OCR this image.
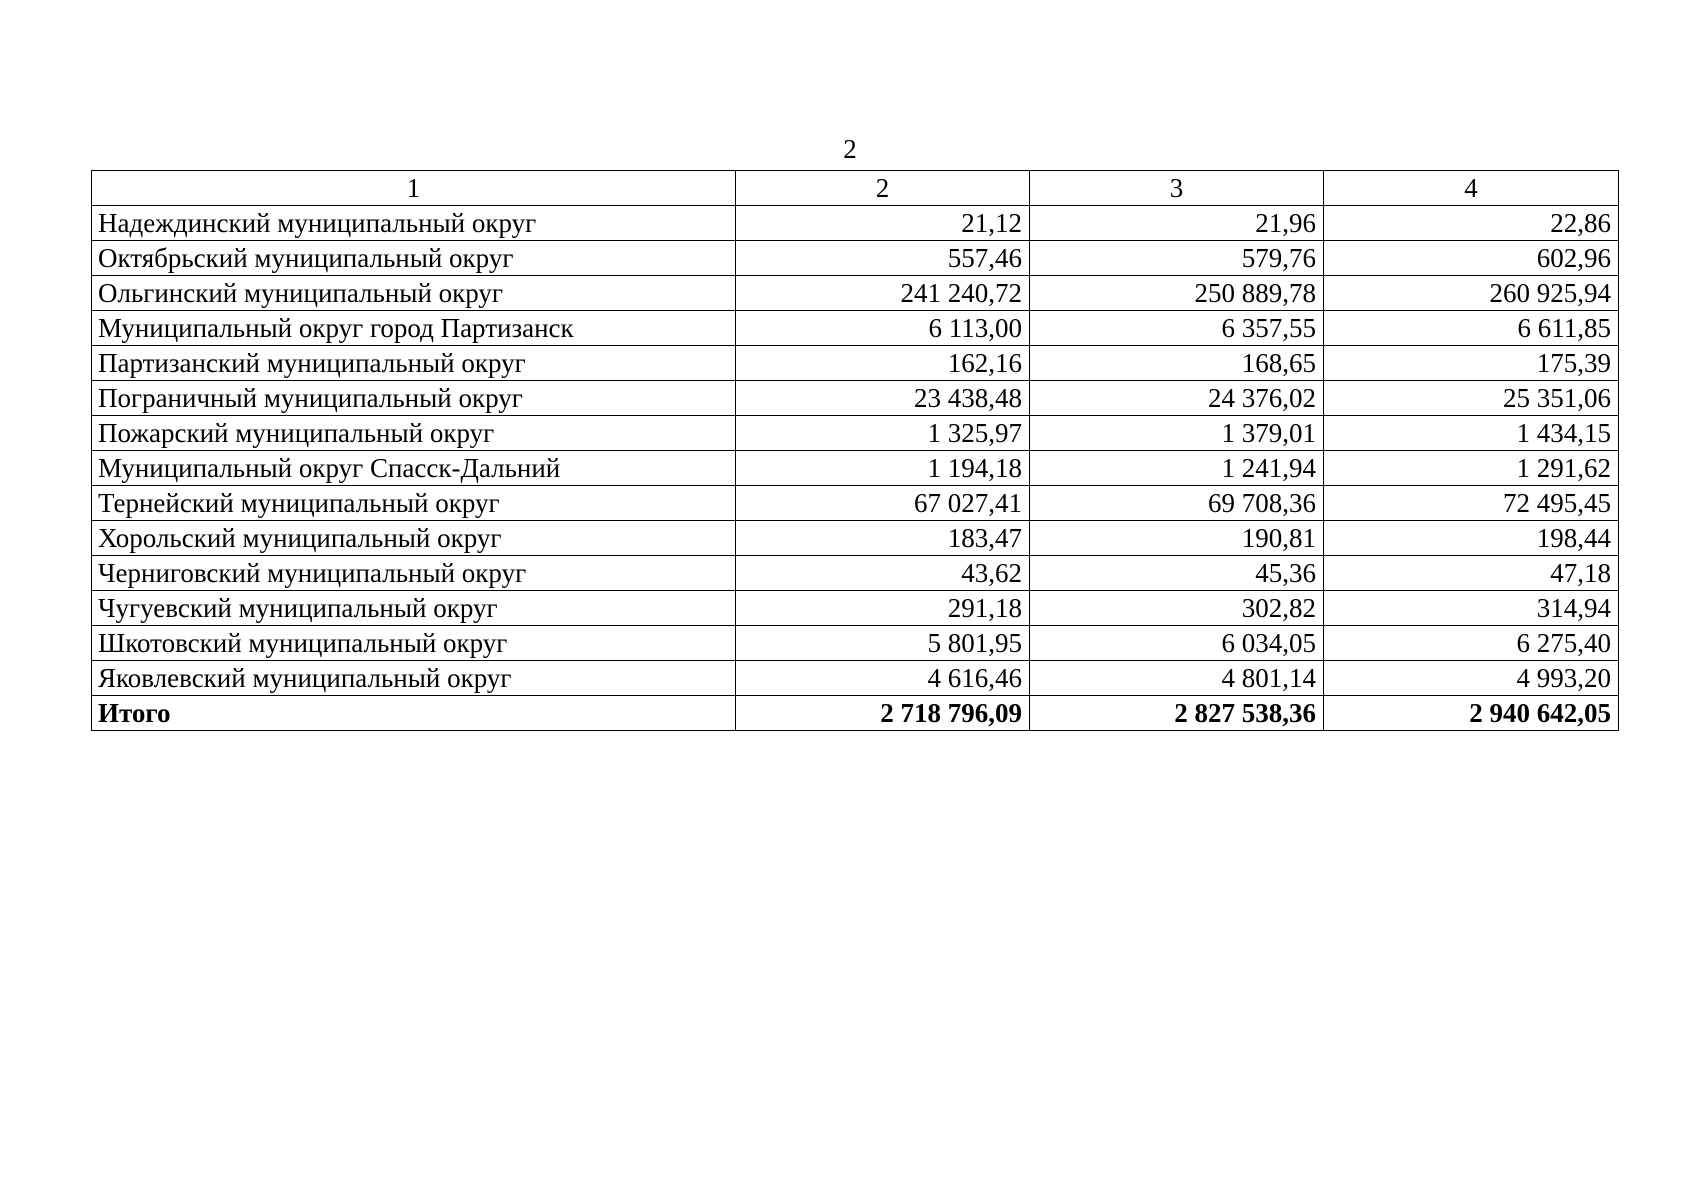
2
1	2	3	4
Надеждинский муниципальный округ	21,12	21,96	22,86
Октябрьский муниципальный округ	557,46	579,76	602,96
Ольгинский муниципальный округ	241 240,72	250 889,78	260 925,94
Муниципальный округ город Партизанск	6 113,00	6 357,55	6 611,85
Партизанский муниципальный округ	162,16	168,65	175,39
Пограничный муниципальный округ	23 438,48	24 376,02	25 351,06
Пожарский муниципальный округ	1 325,97	1 379,01	1 434,15
Муниципальный округ Спасск-Дальний	1 194,18	1 241,94	1 291,62
Тернейский муниципальный округ	67 027,41	69 708,36	72 495,45
Хорольский муниципальный округ	183,47	190,81	198,44
Черниговский муниципальный округ	43,62	45,36	47,18
Чугуевский муниципальный округ	291,18	302,82	314,94
Шкотовский муниципальный округ	5 801,95	6 034,05	6 275,40
Яковлевский муниципальный округ	4 616,46	4 801,14	4 993,20
Итого	2 718 796,09	2 827 538,36	2 940 642,05
